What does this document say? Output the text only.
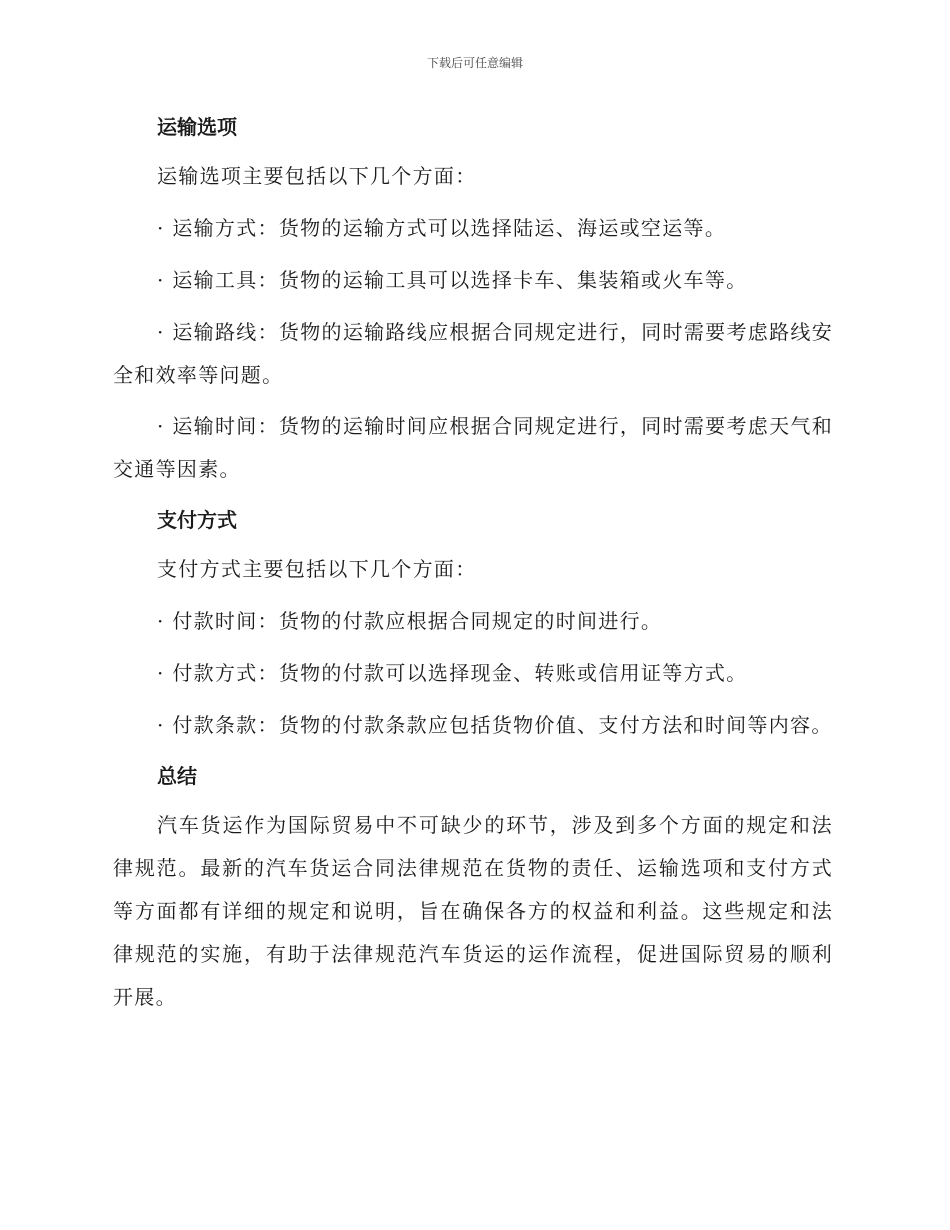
下载后可任意编辑
运输选项
运输选项主要包括以下几个方面：
· 运输方式：货物的运输方式可以选择陆运、海运或空运等。
· 运输工具：货物的运输工具可以选择卡车、集装箱或火车等。
· 运输路线：货物的运输路线应根据合同规定进行，同时需要考虑路线安全和效率等问题。
· 运输时间：货物的运输时间应根据合同规定进行，同时需要考虑天气和交通等因素。
支付方式
支付方式主要包括以下几个方面：
· 付款时间：货物的付款应根据合同规定的时间进行。
· 付款方式：货物的付款可以选择现金、转账或信用证等方式。
· 付款条款：货物的付款条款应包括货物价值、支付方法和时间等内容。
总结
汽车货运作为国际贸易中不可缺少的环节，涉及到多个方面的规定和法律规范。最新的汽车货运合同法律规范在货物的责任、运输选项和支付方式等方面都有详细的规定和说明，旨在确保各方的权益和利益。这些规定和法律规范的实施，有助于法律规范汽车货运的运作流程，促进国际贸易的顺利开展。
